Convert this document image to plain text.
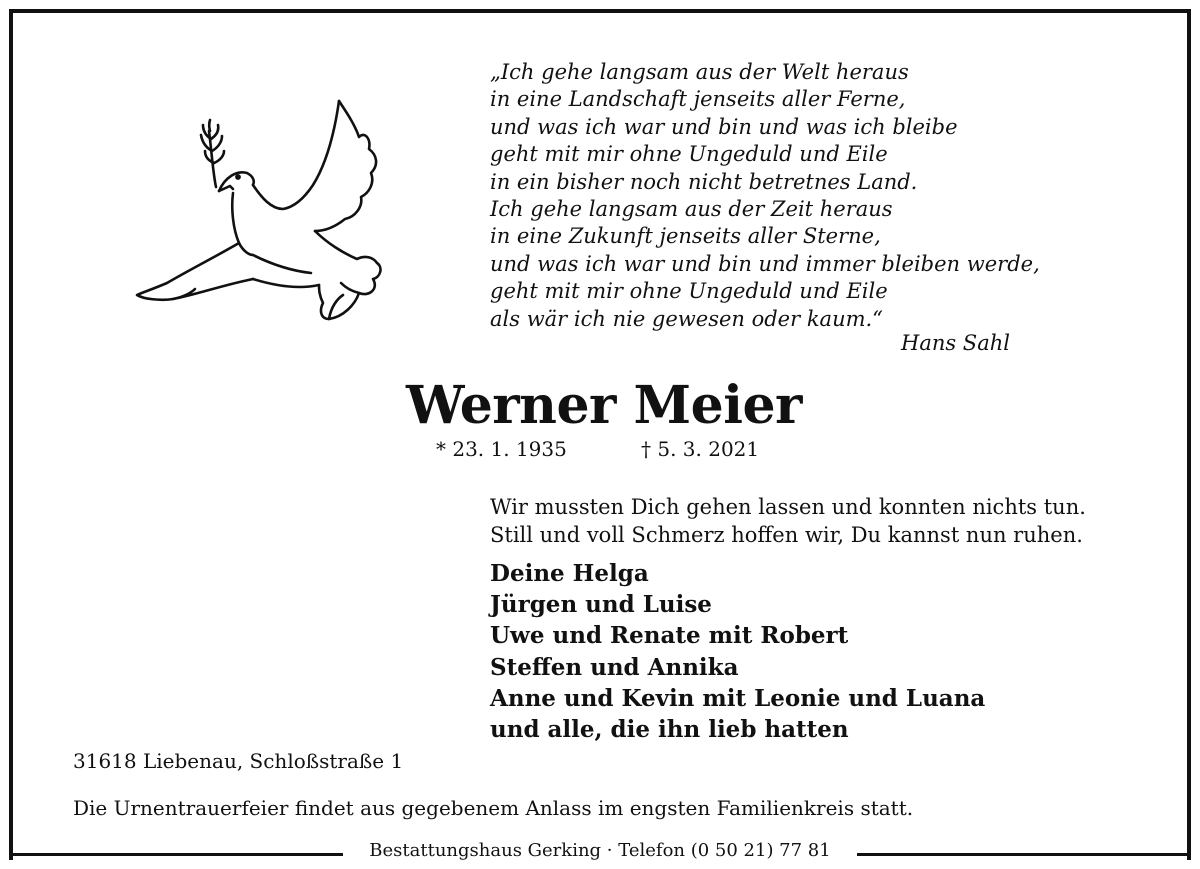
„Ich gehe langsam aus der Welt heraus
in eine Landschaft jenseits aller Ferne,
und was ich war und bin und was ich bleibe
geht mit mir ohne Ungeduld und Eile
in ein bisher noch nicht betretnes Land.
Ich gehe langsam aus der Zeit heraus
in eine Zukunft jenseits aller Sterne,
und was ich war und bin und immer bleiben werde,
geht mit mir ohne Ungeduld und Eile
als wär ich nie gewesen oder kaum.“
Hans Sahl
Werner Meier
* 23. 1. 1935	† 5. 3. 2021
Wir mussten Dich gehen lassen und konnten nichts tun.
Still und voll Schmerz hoffen wir, Du kannst nun ruhen.
Deine Helga
Jürgen und Luise
Uwe und Renate mit Robert
Steffen und Annika
Anne und Kevin mit Leonie und Luana
und alle, die ihn lieb hatten
31618 Liebenau, Schloßstraße 1
Die Urnentrauerfeier findet aus gegebenem Anlass im engsten Familienkreis statt.
Bestattungshaus Gerking · Telefon (0 50 21) 77 81
